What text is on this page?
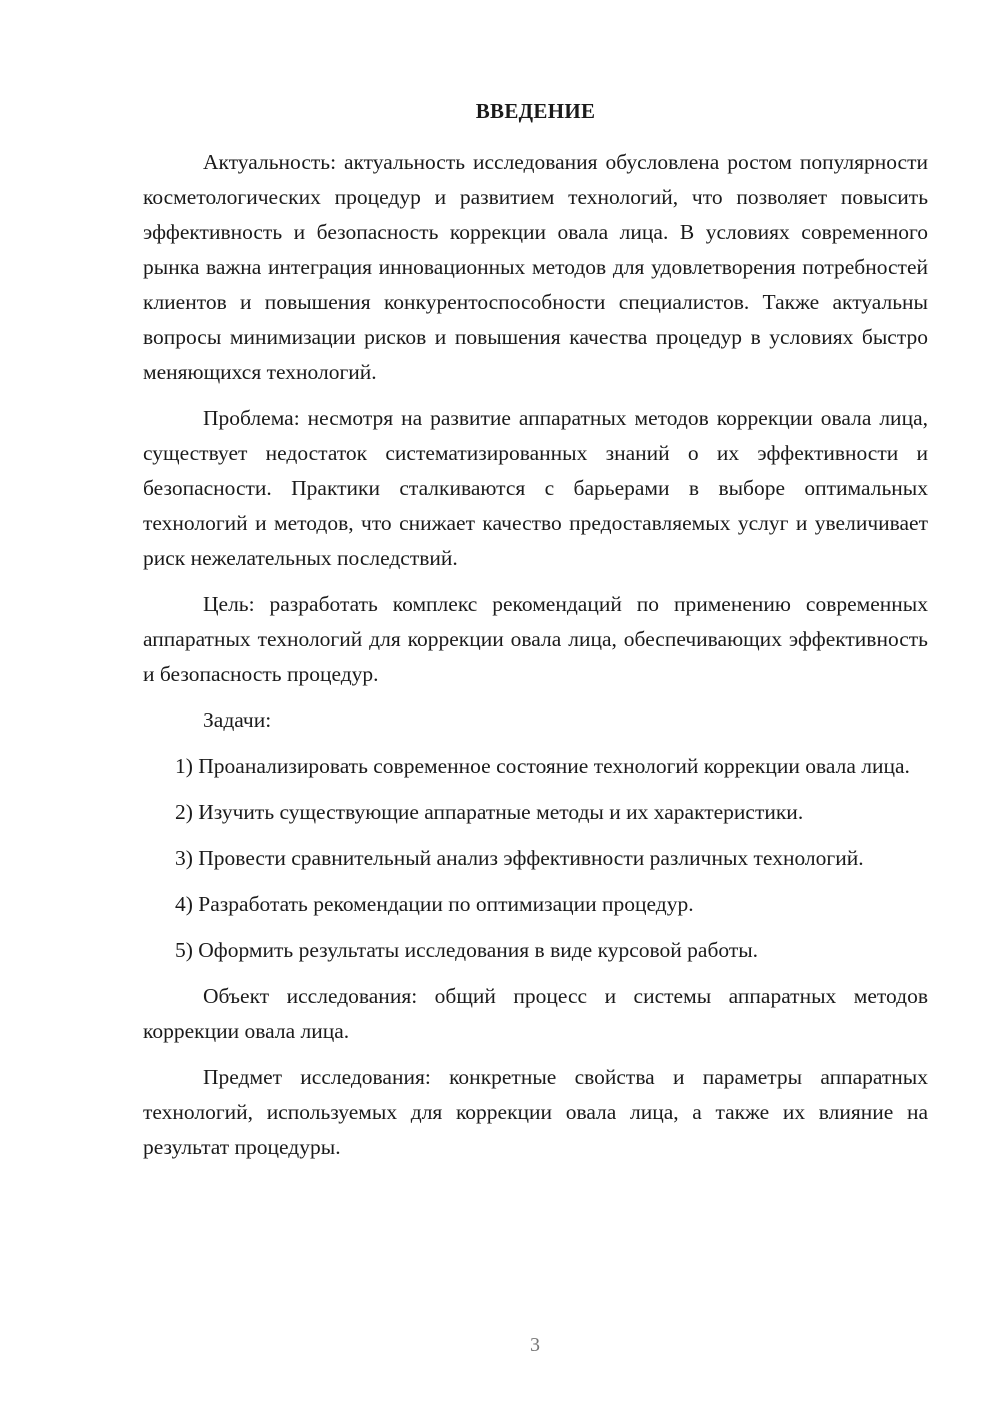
ВВЕДЕНИЕ

Актуальность: актуальность исследования обусловлена ростом популярности косметологических процедур и развитием технологий, что позволяет повысить эффективность и безопасность коррекции овала лица. В условиях современного рынка важна интеграция инновационных методов для удовлетворения потребностей клиентов и повышения конкурентоспособности специалистов. Также актуальны вопросы минимизации рисков и повышения качества процедур в условиях быстро меняющихся технологий.

Проблема: несмотря на развитие аппаратных методов коррекции овала лица, существует недостаток систематизированных знаний о их эффективности и безопасности. Практики сталкиваются с барьерами в выборе оптимальных технологий и методов, что снижает качество предоставляемых услуг и увеличивает риск нежелательных последствий.

Цель: разработать комплекс рекомендаций по применению современных аппаратных технологий для коррекции овала лица, обеспечивающих эффективность и безопасность процедур.

Задачи:

1) Проанализировать современное состояние технологий коррекции овала лица.

2) Изучить существующие аппаратные методы и их характеристики.

3) Провести сравнительный анализ эффективности различных технологий.

4) Разработать рекомендации по оптимизации процедур.

5) Оформить результаты исследования в виде курсовой работы.

Объект исследования: общий процесс и системы аппаратных методов коррекции овала лица.

Предмет исследования: конкретные свойства и параметры аппаратных технологий, используемых для коррекции овала лица, а также их влияние на результат процедуры.

3
